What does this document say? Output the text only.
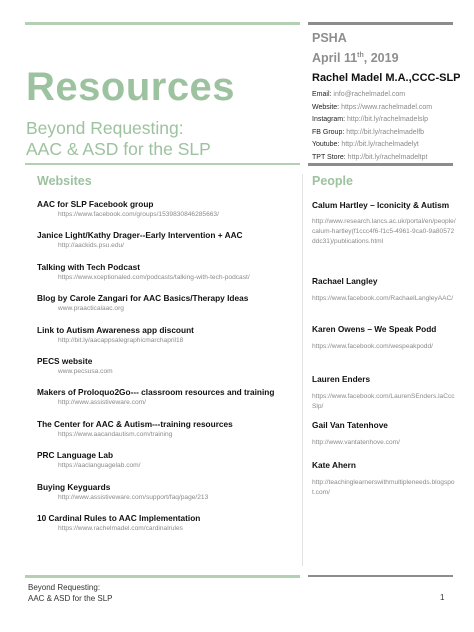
Resources
Beyond Requesting:
AAC & ASD for the SLP
PSHA
April 11th, 2019
Rachel Madel M.A.,CCC-SLP
Email: info@rachelmadel.com
Website: https://www.rachelmadel.com
Instagram: http://bit.ly/rachelmadelslp
FB Group: http://bit.ly/rachelmadelfb
Youtube: http://bit.ly/rachelmadelyt
TPT Store: http://bit.ly/rachelmadeltpt
Websites	People
AAC for SLP Facebook group
https://www.facebook.com/groups/1539830846285663/
Janice Light/Kathy Drager--Early Intervention + AAC
http://aackids.psu.edu/
Talking with Tech Podcast
https://www.xceptionaled.com/podcasts/talking-with-tech-podcast/
Blog by Carole Zangari for AAC Basics/Therapy Ideas
www.praacticalaac.org
Link to Autism Awareness app discount
http://bit.ly/aacappsalegraphicmarchapril18
PECS website
www.pecsusa.com
Makers of Proloquo2Go--- classroom resources and training
http://www.assistiveware.com/
The Center for AAC & Autism---training resources
https://www.aacandautism.com/training
PRC Language Lab
https://aaclanguagelab.com/
Buying Keyguards
http://www.assistiveware.com/support/faq/page/213
10 Cardinal Rules to AAC Implementation
https://www.rachelmadel.com/cardinalrules
Calum Hartley – Iconicity & Autism
http://www.research.lancs.ac.uk/portal/en/people/calum-hartley(f1ccc4f6-f1c5-4961-9ca0-9a80572ddc31)/publications.html
Rachael Langley
https://www.facebook.com/RachaelLangleyAAC/
Karen Owens – We Speak Podd
https://www.facebook.com/wespeakpodd/
Lauren Enders
https://www.facebook.com/LaurenSEnders.laCccSlp/
Gail Van Tatenhove
http://www.vantatenhove.com/
Kate Ahern
http://teachinglearnerswithmultipleneeds.blogspot.com/
Beyond Requesting:
AAC & ASD for the SLP	1
